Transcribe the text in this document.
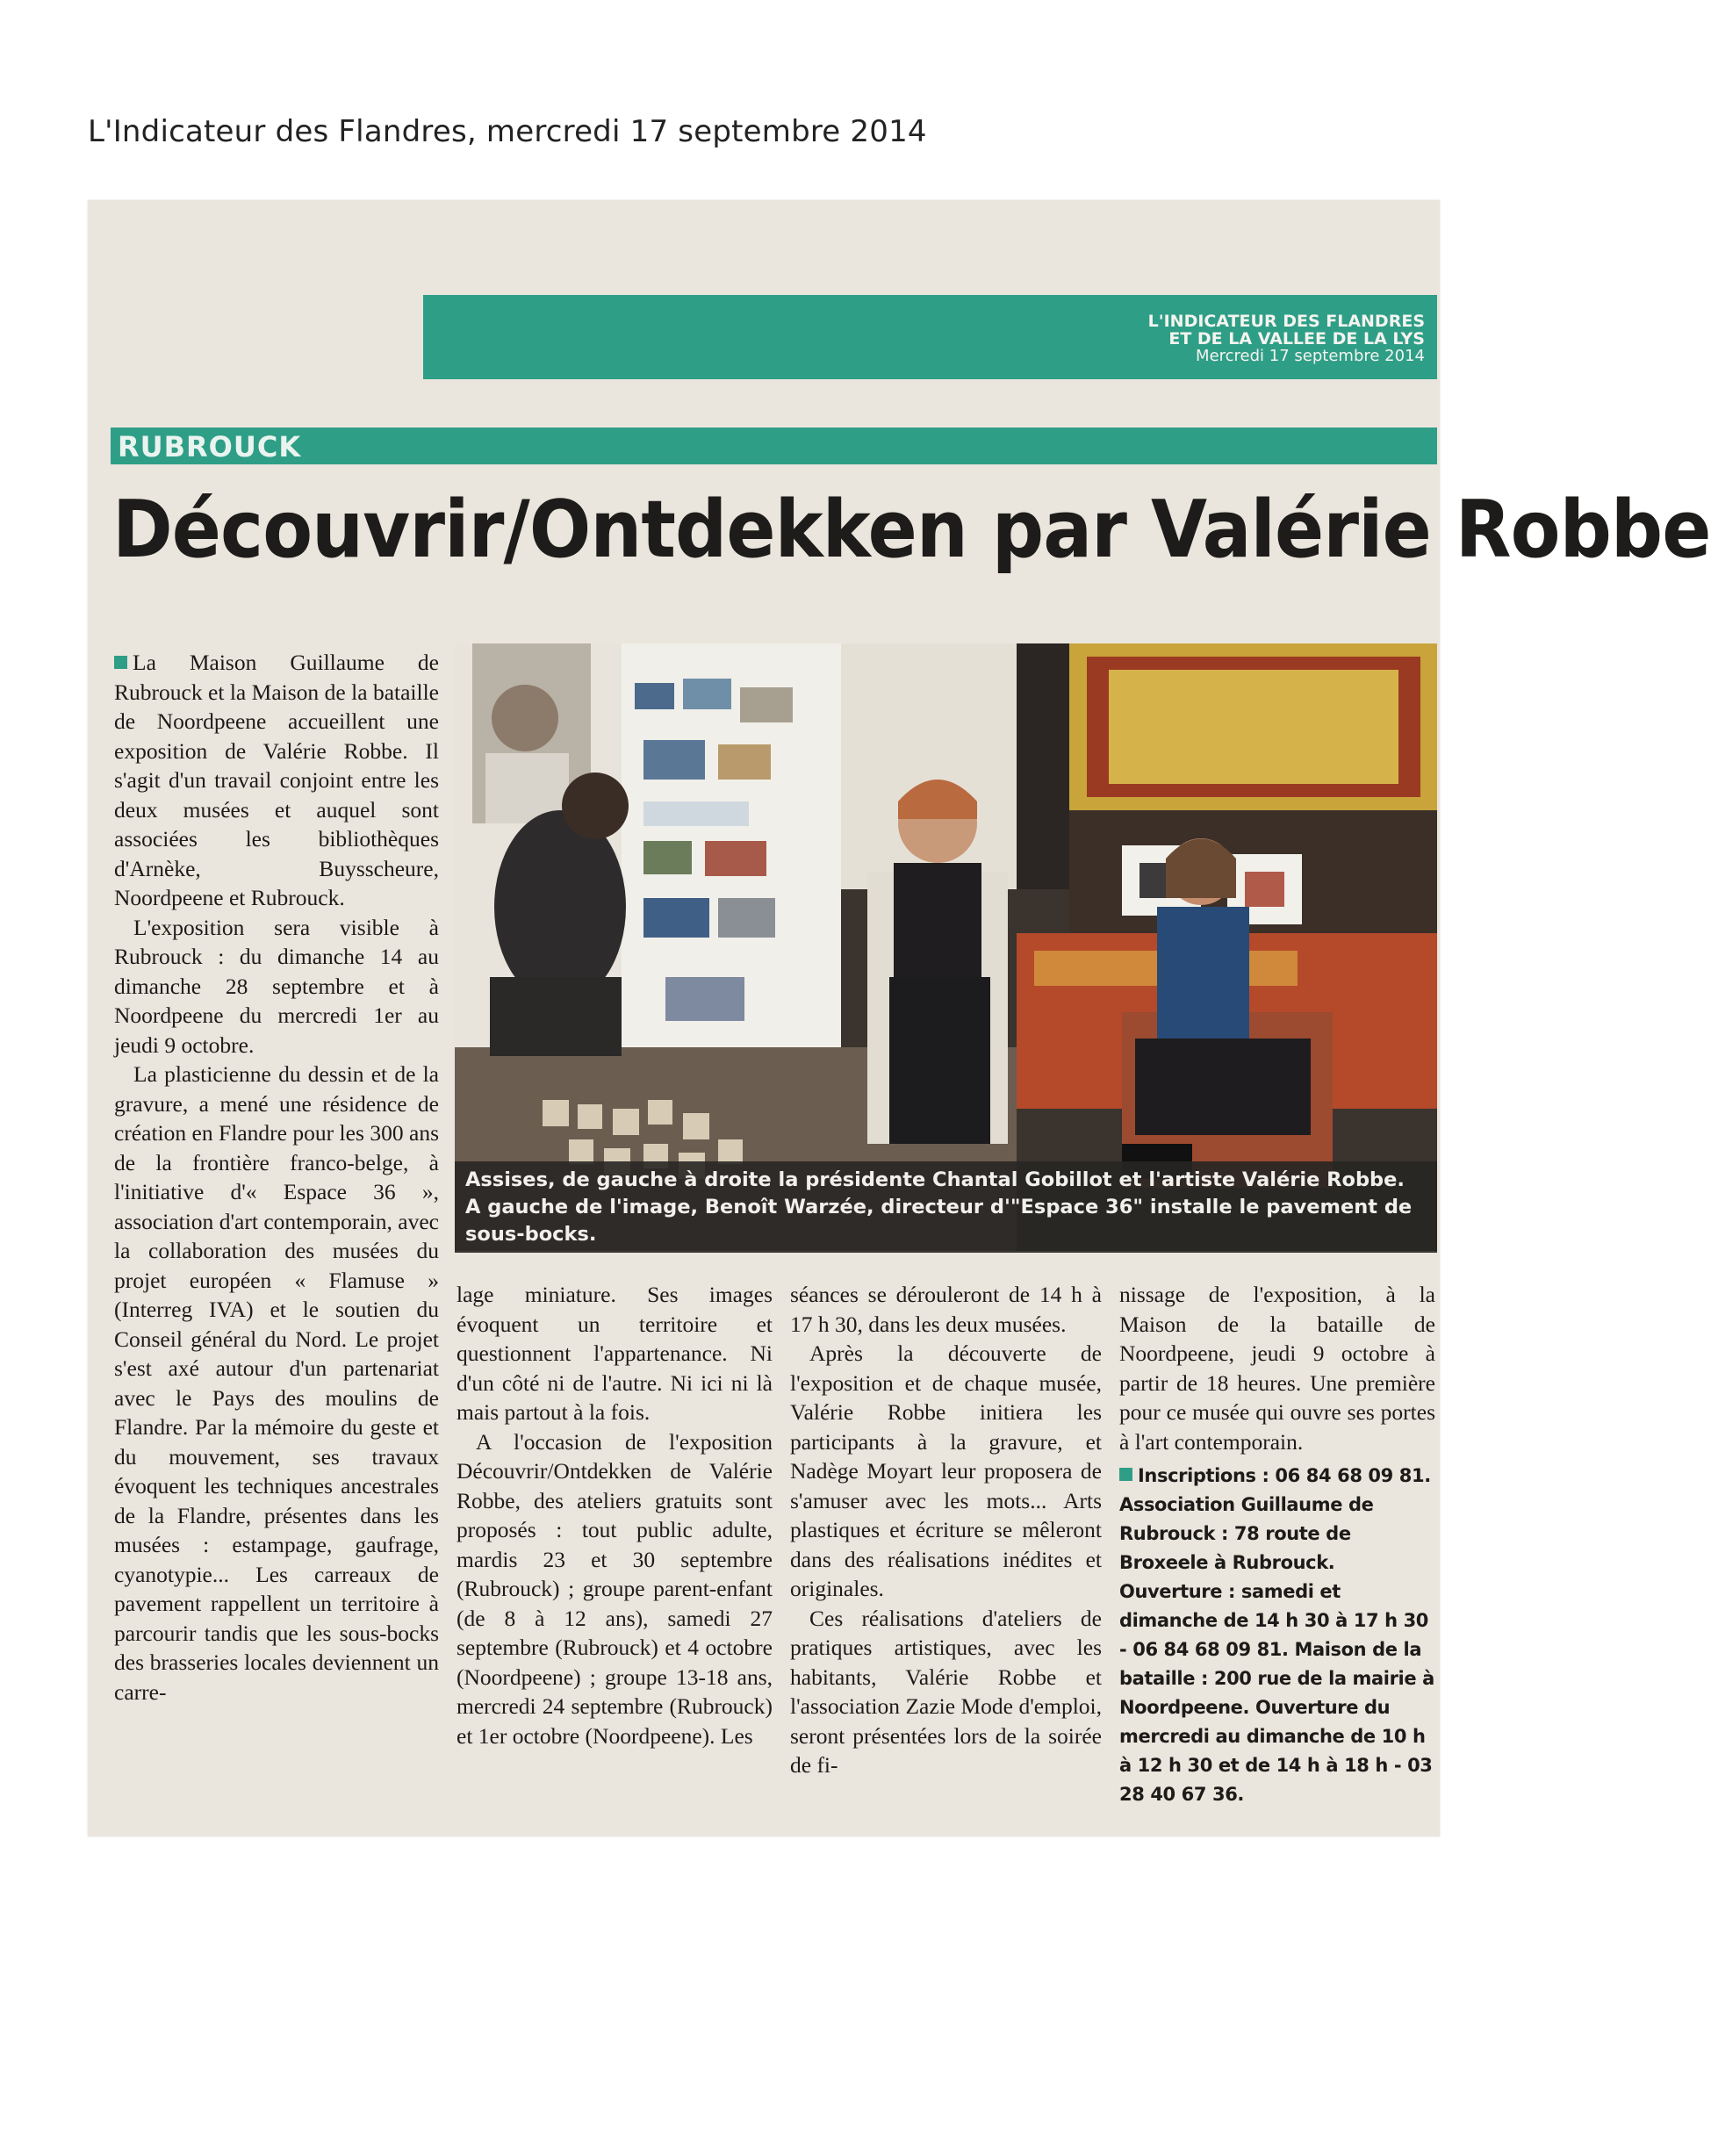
L'Indicateur des Flandres, mercredi 17 septembre 2014
L'INDICATEUR DES FLANDRES
ET DE LA VALLEE DE LA LYS
Mercredi 17 septembre 2014
RUBROUCK
Découvrir/Ontdekken par Valérie Robbe

La Maison Guillaume de Rubrouck et la Maison de la bataille de Noordpeene accueillent une exposition de Valérie Robbe. Il s'agit d'un travail conjoint entre les deux musées et auquel sont associées les bibliothèques d'Arnèke, Buysscheure, Noordpeene et Rubrouck.

L'exposition sera visible à Rubrouck : du dimanche 14 au dimanche 28 septembre et à Noordpeene du mercredi 1er au jeudi 9 octobre.

La plasticienne du dessin et de la gravure, a mené une résidence de création en Flandre pour les 300 ans de la frontière franco-belge, à l'initiative d'« Espace 36 », association d'art contemporain, avec la collaboration des musées du projet européen « Flamuse » (Interreg IVA) et le soutien du Conseil général du Nord. Le projet s'est axé autour d'un partenariat avec le Pays des moulins de Flandre. Par la mémoire du geste et du mouvement, ses travaux évoquent les techniques ancestrales de la Flandre, présentes dans les musées : estampage, gaufrage, cyanotypie... Les carreaux de pavement rappellent un territoire à parcourir tandis que les sous-bocks des brasseries locales deviennent un carre-

Assises, de gauche à droite la présidente Chantal Gobillot et l'artiste Valérie Robbe. A gauche de l'image, Benoît Warzée, directeur d'"Espace 36" installe le pavement de sous-bocks.

lage miniature. Ses images évoquent un territoire et questionnent l'appartenance. Ni d'un côté ni de l'autre. Ni ici ni là mais partout à la fois.

A l'occasion de l'exposition Découvrir/Ontdekken de Valérie Robbe, des ateliers gratuits sont proposés : tout public adulte, mardis 23 et 30 septembre (Rubrouck) ; groupe parent-enfant (de 8 à 12 ans), samedi 27 septembre (Rubrouck) et 4 octobre (Noordpeene) ; groupe 13-18 ans, mercredi 24 septembre (Rubrouck) et 1er octobre (Noordpeene). Les

séances se dérouleront de 14 h à 17 h 30, dans les deux musées.

Après la découverte de l'exposition et de chaque musée, Valérie Robbe initiera les participants à la gravure, et Nadège Moyart leur proposera de s'amuser avec les mots... Arts plastiques et écriture se mêleront dans des réalisations inédites et originales.

Ces réalisations d'ateliers de pratiques artistiques, avec les habitants, Valérie Robbe et l'association Zazie Mode d'emploi, seront présentées lors de la soirée de fi-

nissage de l'exposition, à la Maison de la bataille de Noordpeene, jeudi 9 octobre à partir de 18 heures. Une première pour ce musée qui ouvre ses portes à l'art contemporain.

Inscriptions : 06 84 68 09 81. Association Guillaume de Rubrouck : 78 route de Broxeele à Rubrouck. Ouverture : samedi et dimanche de 14 h 30 à 17 h 30 - 06 84 68 09 81. Maison de la bataille : 200 rue de la mairie à Noordpeene. Ouverture du mercredi au dimanche de 10 h à 12 h 30 et de 14 h à 18 h - 03 28 40 67 36.
